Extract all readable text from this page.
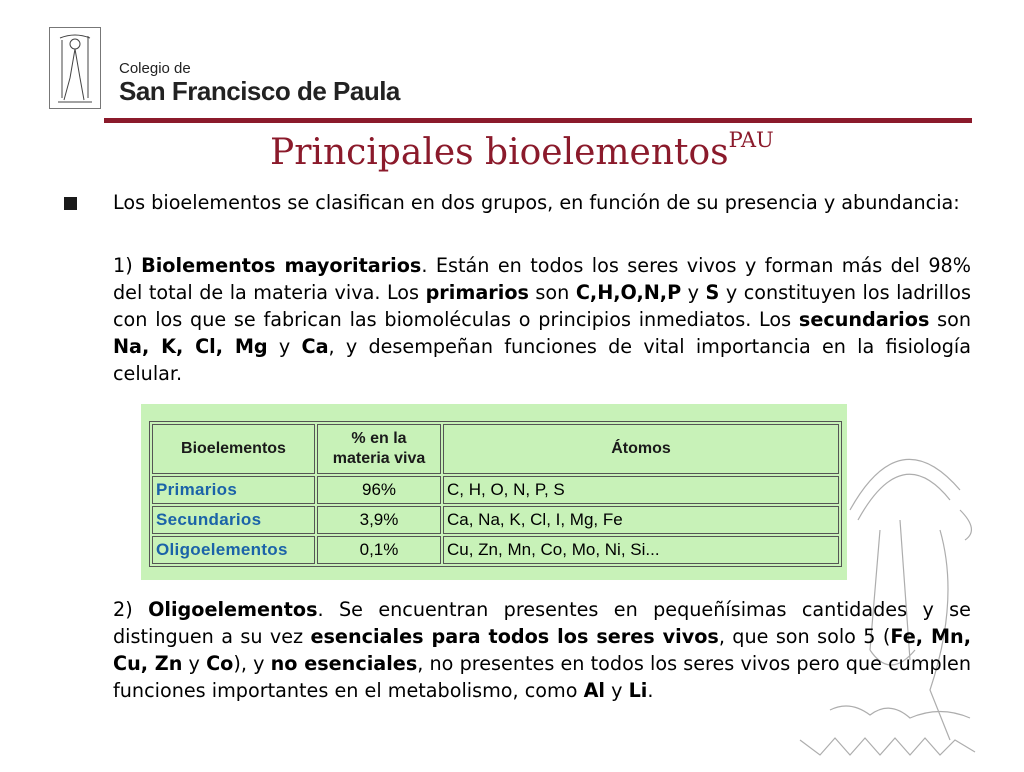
Colegio de
San Francisco de Paula
Principales bioelementos$^{PAU}$
Los bioelementos se clasifican en dos grupos, en función de su presencia y abundancia:
1) Biolementos mayoritarios. Están en todos los seres vivos y forman más del 98% del total de la materia viva. Los primarios son C,H,O,N,P y S y constituyen los ladrillos con los que se fabrican las biomoléculas o principios inmediatos. Los secundarios son Na, K, Cl, Mg y Ca, y desempeñan funciones de vital importancia en la fisiología celular.
Bioelementos	% en la materia viva	Átomos
Primarios	96%	C, H, O, N, P, S
Secundarios	3,9%	Ca, Na, K, Cl, I, Mg, Fe
Oligoelementos	0,1%	Cu, Zn, Mn, Co, Mo, Ni, Si...
2) Oligoelementos. Se encuentran presentes en pequeñísimas cantidades y se distinguen a su vez esenciales para todos los seres vivos, que son solo 5 (Fe, Mn, Cu, Zn y Co), y no esenciales, no presentes en todos los seres vivos pero que cumplen funciones importantes en el metabolismo, como Al y Li.
